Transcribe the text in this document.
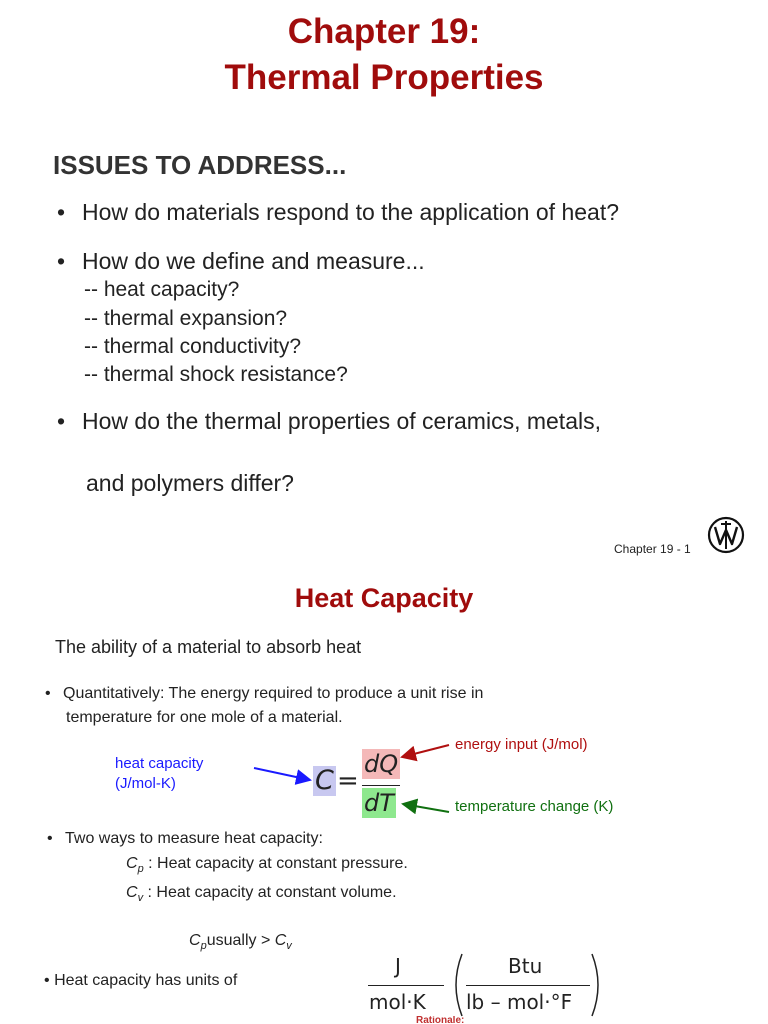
Chapter 19:
Thermal Properties
ISSUES TO ADDRESS...
• How do materials respond to the application of heat?
• How do we define and measure...
-- heat capacity?
-- thermal expansion?
-- thermal conductivity?
-- thermal shock resistance?
• How do the thermal properties of ceramics, metals,
and polymers differ?
Chapter 19 - 1
Heat Capacity
The ability of a material to absorb heat
• Quantitatively: The energy required to produce a unit rise in
temperature for one mole of a material.
heat capacity
(J/mol-K)
energy input (J/mol)
temperature change (K)
C =
dQ
dT
• Two ways to measure heat capacity:
$C_p$ : Heat capacity at constant pressure.
$C_v$ : Heat capacity at constant volume.
$C_pusually > C_v$
• Heat capacity has units of
J
mol·K
Btu
lb – mol·°F
Rationale:
